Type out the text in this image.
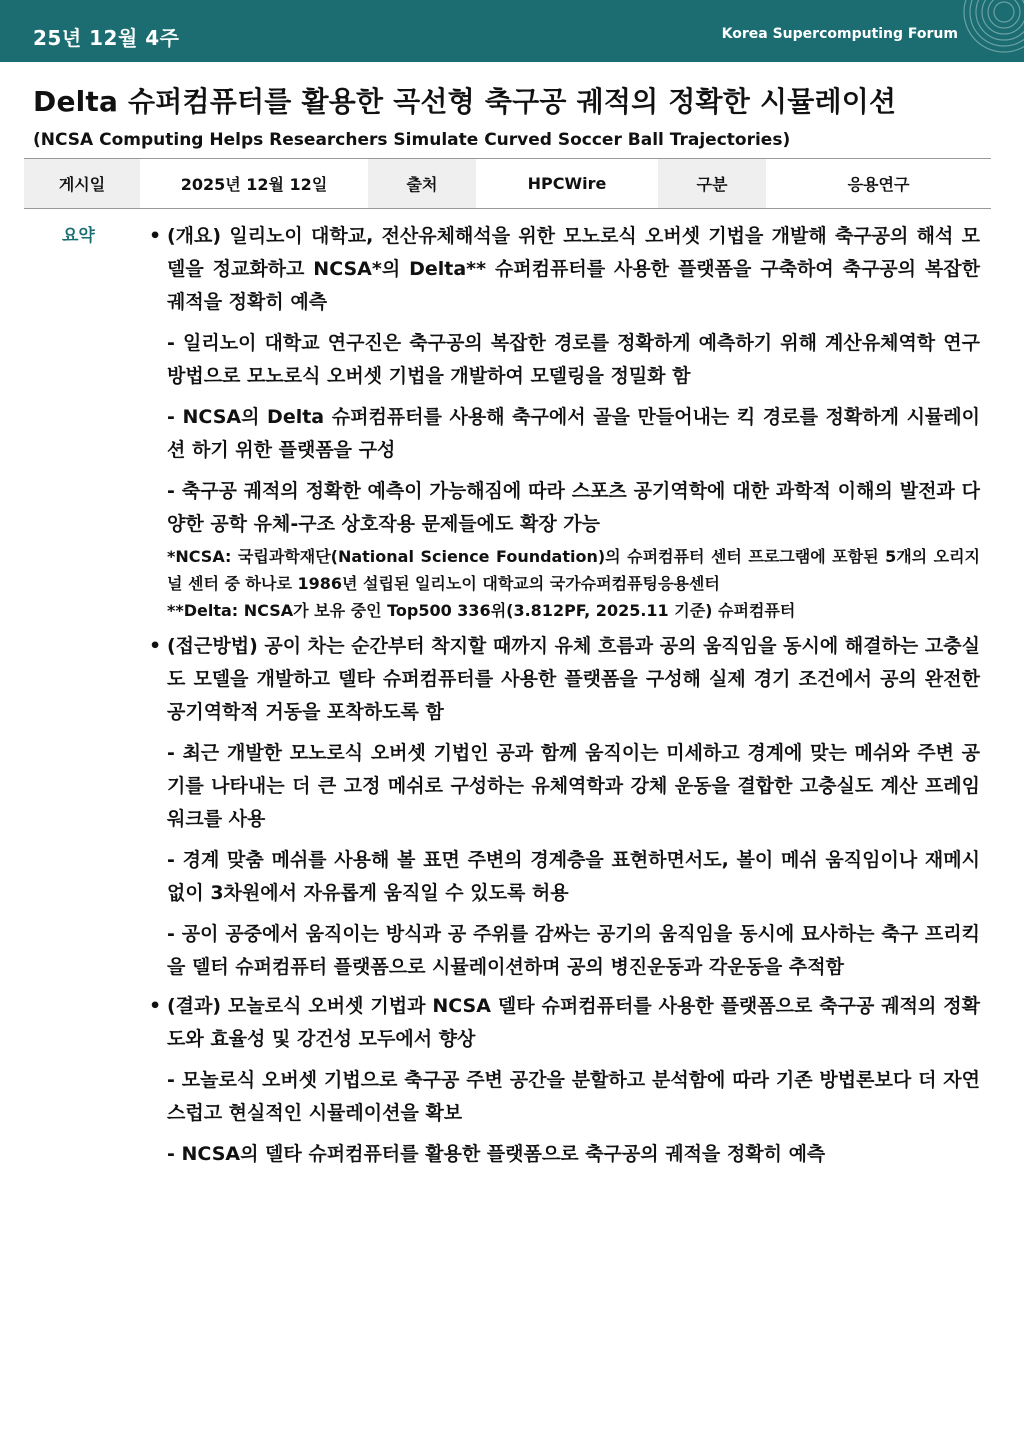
25년 12월 4주	Korea Supercomputing Forum
Delta 슈퍼컴퓨터를 활용한 곡선형 축구공 궤적의 정확한 시뮬레이션
(NCSA Computing Helps Researchers Simulate Curved Soccer Ball Trajectories)
게시일	2025년 12월 12일	출처	HPCWire	구분	응용연구
요약	• (개요) 일리노이 대학교, 전산유체해석을 위한 모노로식 오버셋 기법을 개발해 축구공의 해석 모델을 정교화하고 NCSA*의 Delta** 슈퍼컴퓨터를 사용한 플랫폼을 구축하여 축구공의 복잡한 궤적을 정확히 예측
- 일리노이 대학교 연구진은 축구공의 복잡한 경로를 정확하게 예측하기 위해 계산유체역학 연구 방법으로 모노로식 오버셋 기법을 개발하여 모델링을 정밀화 함
- NCSA의 Delta 슈퍼컴퓨터를 사용해 축구에서 골을 만들어내는 킥 경로를 정확하게 시뮬레이션 하기 위한 플랫폼을 구성
- 축구공 궤적의 정확한 예측이 가능해짐에 따라 스포츠 공기역학에 대한 과학적 이해의 발전과 다양한 공학 유체-구조 상호작용 문제들에도 확장 가능
*NCSA: 국립과학재단(National Science Foundation)의 슈퍼컴퓨터 센터 프로그램에 포함된 5개의 오리지널 센터 중 하나로 1986년 설립된 일리노이 대학교의 국가슈퍼컴퓨팅응용센터
**Delta: NCSA가 보유 중인 Top500 336위(3.812PF, 2025.11 기준) 슈퍼컴퓨터
• (접근방법) 공이 차는 순간부터 착지할 때까지 유체 흐름과 공의 움직임을 동시에 해결하는 고충실도 모델을 개발하고 델타 슈퍼컴퓨터를 사용한 플랫폼을 구성해 실제 경기 조건에서 공의 완전한 공기역학적 거동을 포착하도록 함
- 최근 개발한 모노로식 오버셋 기법인 공과 함께 움직이는 미세하고 경계에 맞는 메쉬와 주변 공기를 나타내는 더 큰 고정 메쉬로 구성하는 유체역학과 강체 운동을 결합한 고충실도 계산 프레임워크를 사용
- 경계 맞춤 메쉬를 사용해 볼 표면 주변의 경계층을 표현하면서도, 볼이 메쉬 움직임이나 재메시 없이 3차원에서 자유롭게 움직일 수 있도록 허용
- 공이 공중에서 움직이는 방식과 공 주위를 감싸는 공기의 움직임을 동시에 묘사하는 축구 프리킥을 델터 슈퍼컴퓨터 플랫폼으로 시뮬레이션하며 공의 병진운동과 각운동을 추적함
• (결과) 모놀로식 오버셋 기법과 NCSA 델타 슈퍼컴퓨터를 사용한 플랫폼으로 축구공 궤적의 정확도와 효율성 및 강건성 모두에서 향상
- 모놀로식 오버셋 기법으로 축구공 주변 공간을 분할하고 분석함에 따라 기존 방법론보다 더 자연스럽고 현실적인 시뮬레이션을 확보
- NCSA의 델타 슈퍼컴퓨터를 활용한 플랫폼으로 축구공의 궤적을 정확히 예측
